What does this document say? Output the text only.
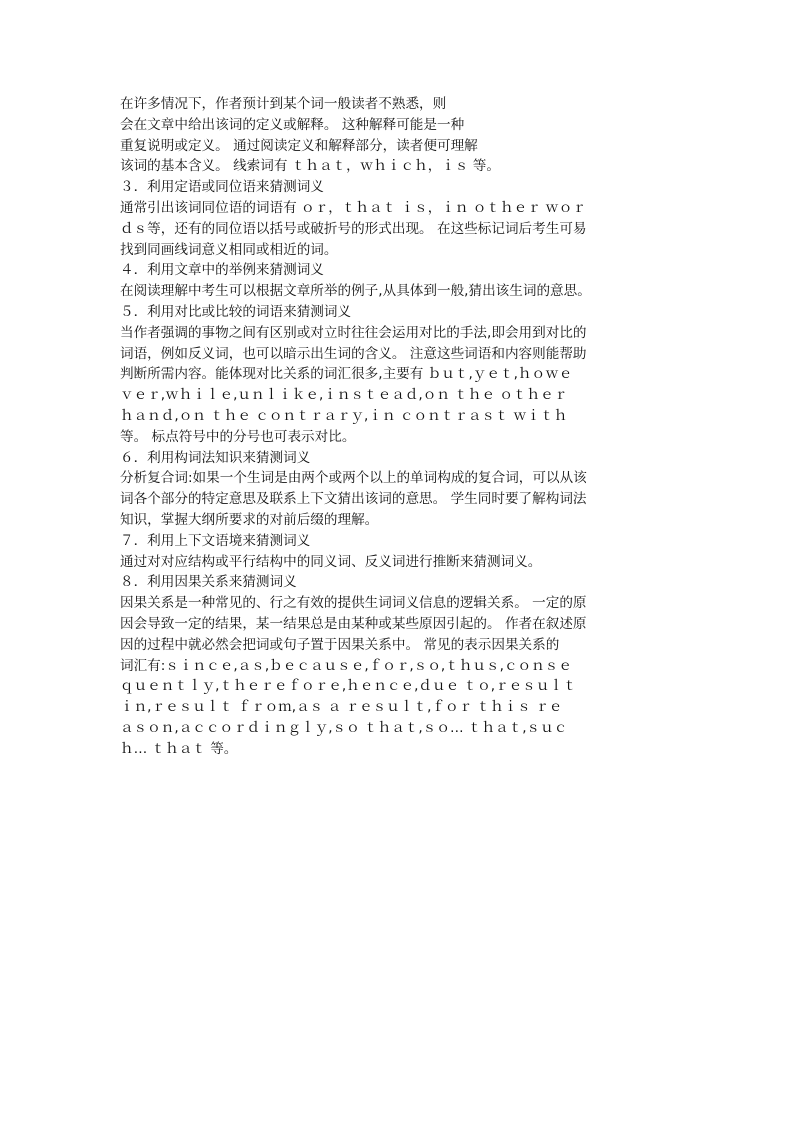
在许多情况下，作者预计到某个词一般读者不熟悉，则
会在文章中给出该词的定义或解释。 这种解释可能是一种
重复说明或定义。 通过阅读定义和解释部分，读者便可理解
该词的基本含义。 线索词有 ｔｈａｔ，ｗｈｉｃｈ，ｉｓ 等。
３．利用定语或同位语来猜测词义
通常引出该词同位语的词语有 ｏｒ，ｔｈａｔ ｉｓ，ｉｎ ｏｔｈｅｒ ｗｏｒ
ｄｓ等，还有的同位语以括号或破折号的形式出现。 在这些标记词后考生可易
找到同画线词意义相同或相近的词。
４．利用文章中的举例来猜测词义
在阅读理解中考生可以根据文章所举的例子,从具体到一般,猜出该生词的意思。
５．利用对比或比较的词语来猜测词义
当作者强调的事物之间有区别或对立时往往会运用对比的手法,即会用到对比的
词语，例如反义词，也可以暗示出生词的含义。 注意这些词语和内容则能帮助
判断所需内容。能体现对比关系的词汇很多,主要有 ｂｕｔ,ｙｅｔ,ｈｏｗｅ
ｖｅｒ,ｗｈｉｌｅ,ｕｎｌｉｋｅ,ｉｎｓｔｅａｄ,ｏｎ ｔｈｅ ｏｔｈｅｒ
ｈａｎｄ,ｏｎ ｔｈｅ ｃｏｎｔｒａｒｙ,ｉｎ ｃｏｎｔｒａｓｔ ｗｉｔｈ
等。 标点符号中的分号也可表示对比。
６．利用构词法知识来猜测词义
分析复合词:如果一个生词是由两个或两个以上的单词构成的复合词，可以从该
词各个部分的特定意思及联系上下文猜出该词的意思。 学生同时要了解构词法
知识，掌握大纲所要求的对前后缀的理解。
７．利用上下文语境来猜测词义
通过对对应结构或平行结构中的同义词、反义词进行推断来猜测词义。
８．利用因果关系来猜测词义
因果关系是一种常见的、行之有效的提供生词词义信息的逻辑关系。 一定的原
因会导致一定的结果，某一结果总是由某种或某些原因引起的。 作者在叙述原
因的过程中就必然会把词或句子置于因果关系中。 常见的表示因果关系的
词汇有:ｓｉｎｃｅ,ａｓ,ｂｅｃａｕｓｅ,ｆｏｒ,ｓｏ,ｔｈｕｓ,ｃｏｎｓｅ
ｑｕｅｎｔｌｙ,ｔｈｅｒｅｆｏｒｅ,ｈｅｎｃｅ,ｄｕｅ ｔｏ,ｒｅｓｕｌｔ
ｉｎ,ｒｅｓｕｌｔ ｆｒｏｍ,ａｓ ａ ｒｅｓｕｌｔ,ｆｏｒ ｔｈｉｓ ｒｅ
ａｓｏｎ,ａｃｃｏｒｄｉｎｇｌｙ,ｓｏ ｔｈａｔ,ｓｏ… ｔｈａｔ,ｓｕｃ
ｈ… ｔｈａｔ 等。
